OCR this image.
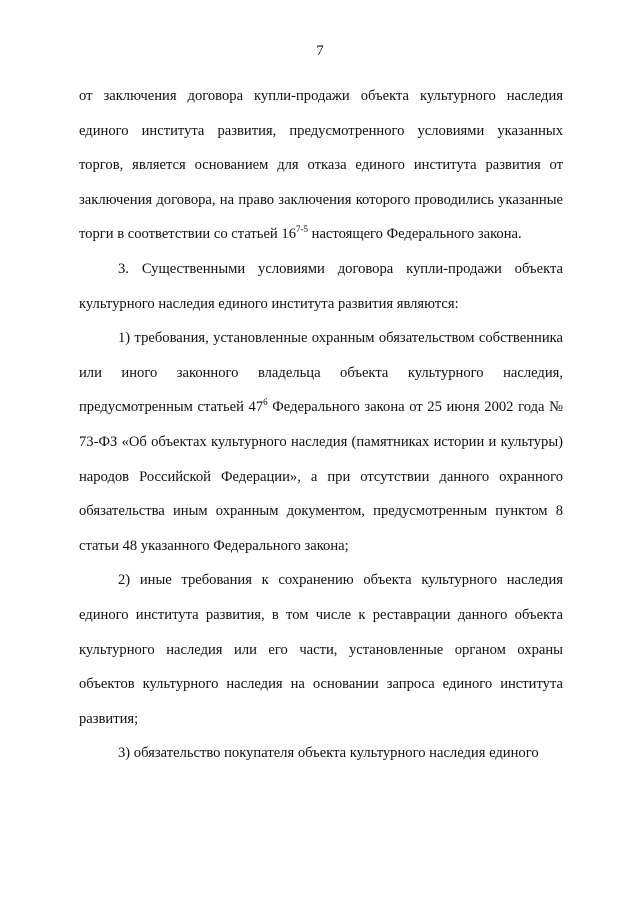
7

от заключения договора купли-продажи объекта культурного наследия единого института развития, предусмотренного условиями указанных торгов, является основанием для отказа единого института развития от заключения договора, на право заключения которого проводились указанные торги в соответствии со статьей 16$^{7-5}$ настоящего Федерального закона.

3. Существенными условиями договора купли-продажи объекта культурного наследия единого института развития являются:

1) требования, установленные охранным обязательством собственника или иного законного владельца объекта культурного наследия, предусмотренным статьей $47^6$ Федерального закона от 25 июня 2002 года № 73-ФЗ «Об объектах культурного наследия (памятниках истории и культуры) народов Российской Федерации», а при отсутствии данного охранного обязательства иным охранным документом, предусмотренным пунктом 8 статьи 48 указанного Федерального закона;

2) иные требования к сохранению объекта культурного наследия единого института развития, в том числе к реставрации данного объекта культурного наследия или его части, установленные органом охраны объектов культурного наследия на основании запроса единого института развития;

3) обязательство покупателя объекта культурного наследия единого
